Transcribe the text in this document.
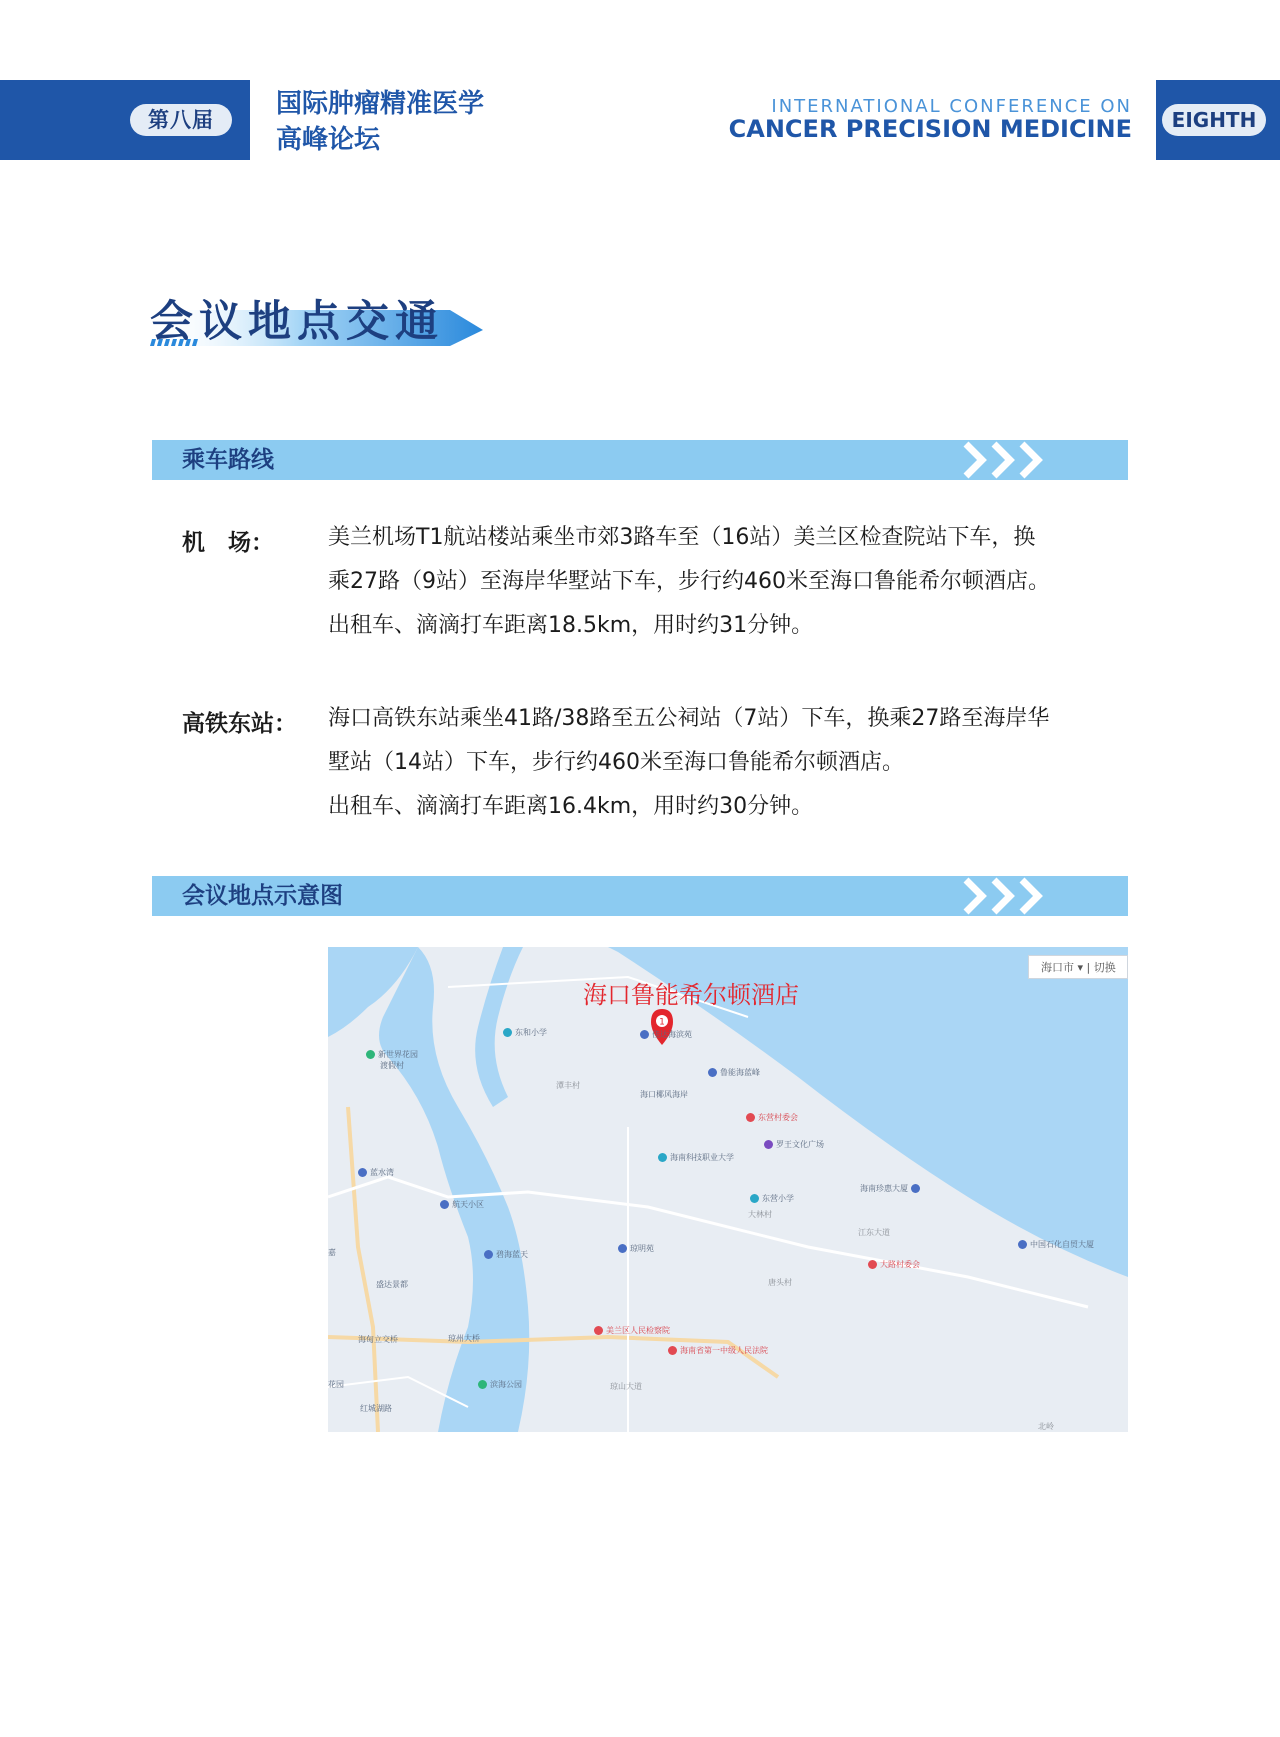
第八届
国际肿瘤精准医学
高峰论坛
INTERNATIONAL CONFERENCE ON
CANCER PRECISION MEDICINE	EIGHTH
会议地点交通
乘车路线
机　场： 美兰机场T1航站楼站乘坐市郊3路车至（16站）美兰区检查院站下车，换
乘27路（9站）至海岸华墅站下车，步行约460米至海口鲁能希尔顿酒店。
出租车、滴滴打车距离18.5km，用时约31分钟。
高铁东站： 海口高铁东站乘坐41路/38路至五公祠站（7站）下车，换乘27路至海岸华
墅站（14站）下车，步行约460米至海口鲁能希尔顿酒店。
出租车、滴滴打车距离16.4km，用时约30分钟。
会议地点示意图
1
海口鲁能希尔顿酒店
海口市 ▾ | 切换
东和小学	佳达海滨苑
鲁能海蓝峰
新世界花园
渡假村
潭丰村
海口椰风海岸
东营村委会
罗王文化广场
海南科技职业大学
蓝水湾
东营小学
大林村
海南珍惠大厦
江东大道
航天小区
中国石化自贸大厦
嘉	碧海蓝天
琼明苑
大路村委会
盛达景都	唐头村
海甸立交桥	琼州大桥
美兰区人民检察院
海南省第一中级人民法院
滨海公园	琼山大道
红城湖路
花园
北岭
